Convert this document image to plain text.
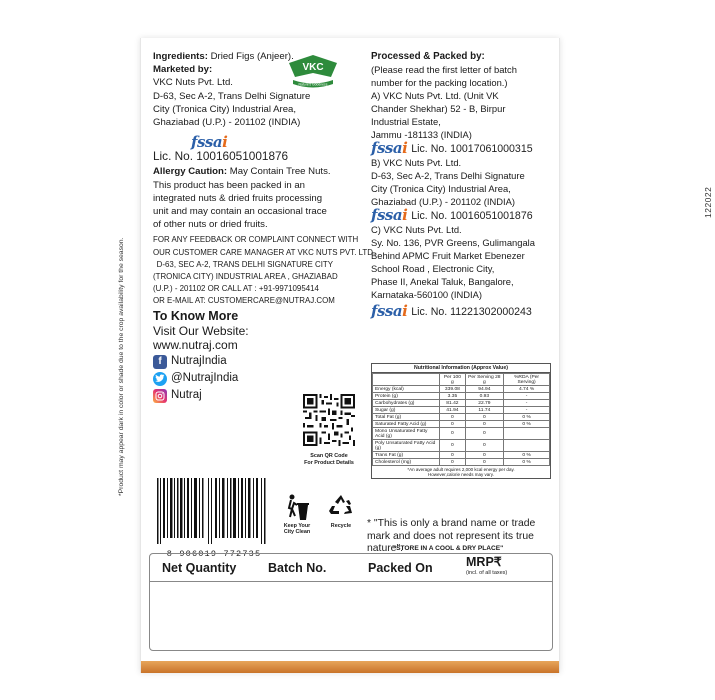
*Product may appear dark in color or shade due to the crop availability for the season.
122022
Ingredients: Dried Figs (Anjeer).
Marketed by:
VKC Nuts Pvt. Ltd.
D-63, Sec A-2, Trans Delhi Signature
City (Tronica City) Industrial Area,
Ghaziabad (U.P.) - 201102 (INDIA)
fssai
Lic. No. 10016051001876
Allergy Caution: May Contain Tree Nuts.
This product has been packed in an
integrated nuts & dried fruits processing
unit and may contain an occasional trace
of other nuts or dried fruits.
FOR ANY FEEDBACK OR COMPLAINT CONNECT WITH
OUR CUSTOMER CARE MANAGER AT VKC NUTS PVT. LTD.
D-63, SEC A-2, TRANS DELHI SIGNATURE CITY
(TRONICA CITY) INDUSTRIAL AREA , GHAZIABAD
(U.P.) - 201102 OR CALL AT : +91-9971095414
OR E-MAIL AT: CUSTOMERCARE@NUTRAJ.COM
To Know More
Visit Our Website:
www.nutraj.com
f NutrajIndia
@NutrajIndia
Nutraj
VKC
Nature's Goodness
Scan QR Code
For Product Details
8 906019 772735
Keep Your
City Clean
Recycle
Processed & Packed by:
(Please read the first letter of batch
number for the packing location.)
A) VKC Nuts Pvt. Ltd. (Unit VK
Chander Shekhar) 52 - B, Birpur
Industrial Estate,
Jammu -181133 (INDIA)
fssai Lic. No. 10017061000315
B) VKC Nuts Pvt. Ltd.
D-63, Sec A-2, Trans Delhi Signature
City (Tronica City) Industrial Area,
Ghaziabad (U.P.) - 201102 (INDIA)
fssai Lic. No. 10016051001876
C) VKC Nuts Pvt. Ltd.
Sy. No. 136, PVR Greens, Gulimangala
Behind APMC Fruit Market Ebenezer
School Road , Electronic City,
Phase II, Anekal Taluk, Bangalore,
Karnataka-560100 (INDIA)
fssai Lic. No. 11221302000243
Nutritional Information (Approx Value)
	Per 100 g	Per Serving 28 g	%RDA (Per Serving)
Energy (kcal)	339.08	94.94	4.74 %
Protein (g)	3.35	0.93	-
Carbohydrates (g)	81.42	22.79	-
Sugar (g)	41.94	11.74	-
Total Fat (g)	0	0	0 %
Saturated Fatty Acid (g)	0	0	0 %
Mono Unsaturated Fatty Acid (g)	0	0	
Poly Unsaturated Fatty Acid (g)	0	0	
Trans Fat (g)	0	0	0 %
Cholesterol (mg)	0	0	0 %
*An average adult requires 2,000 kcal energy per day.
However,calorie needs may vary.
* "This is only a brand name or trade mark and does not represent its true nature".
"STORE IN A COOL & DRY PLACE"
Net Quantity	Batch No.	Packed On	MRP₹
(incl. of all taxes)
